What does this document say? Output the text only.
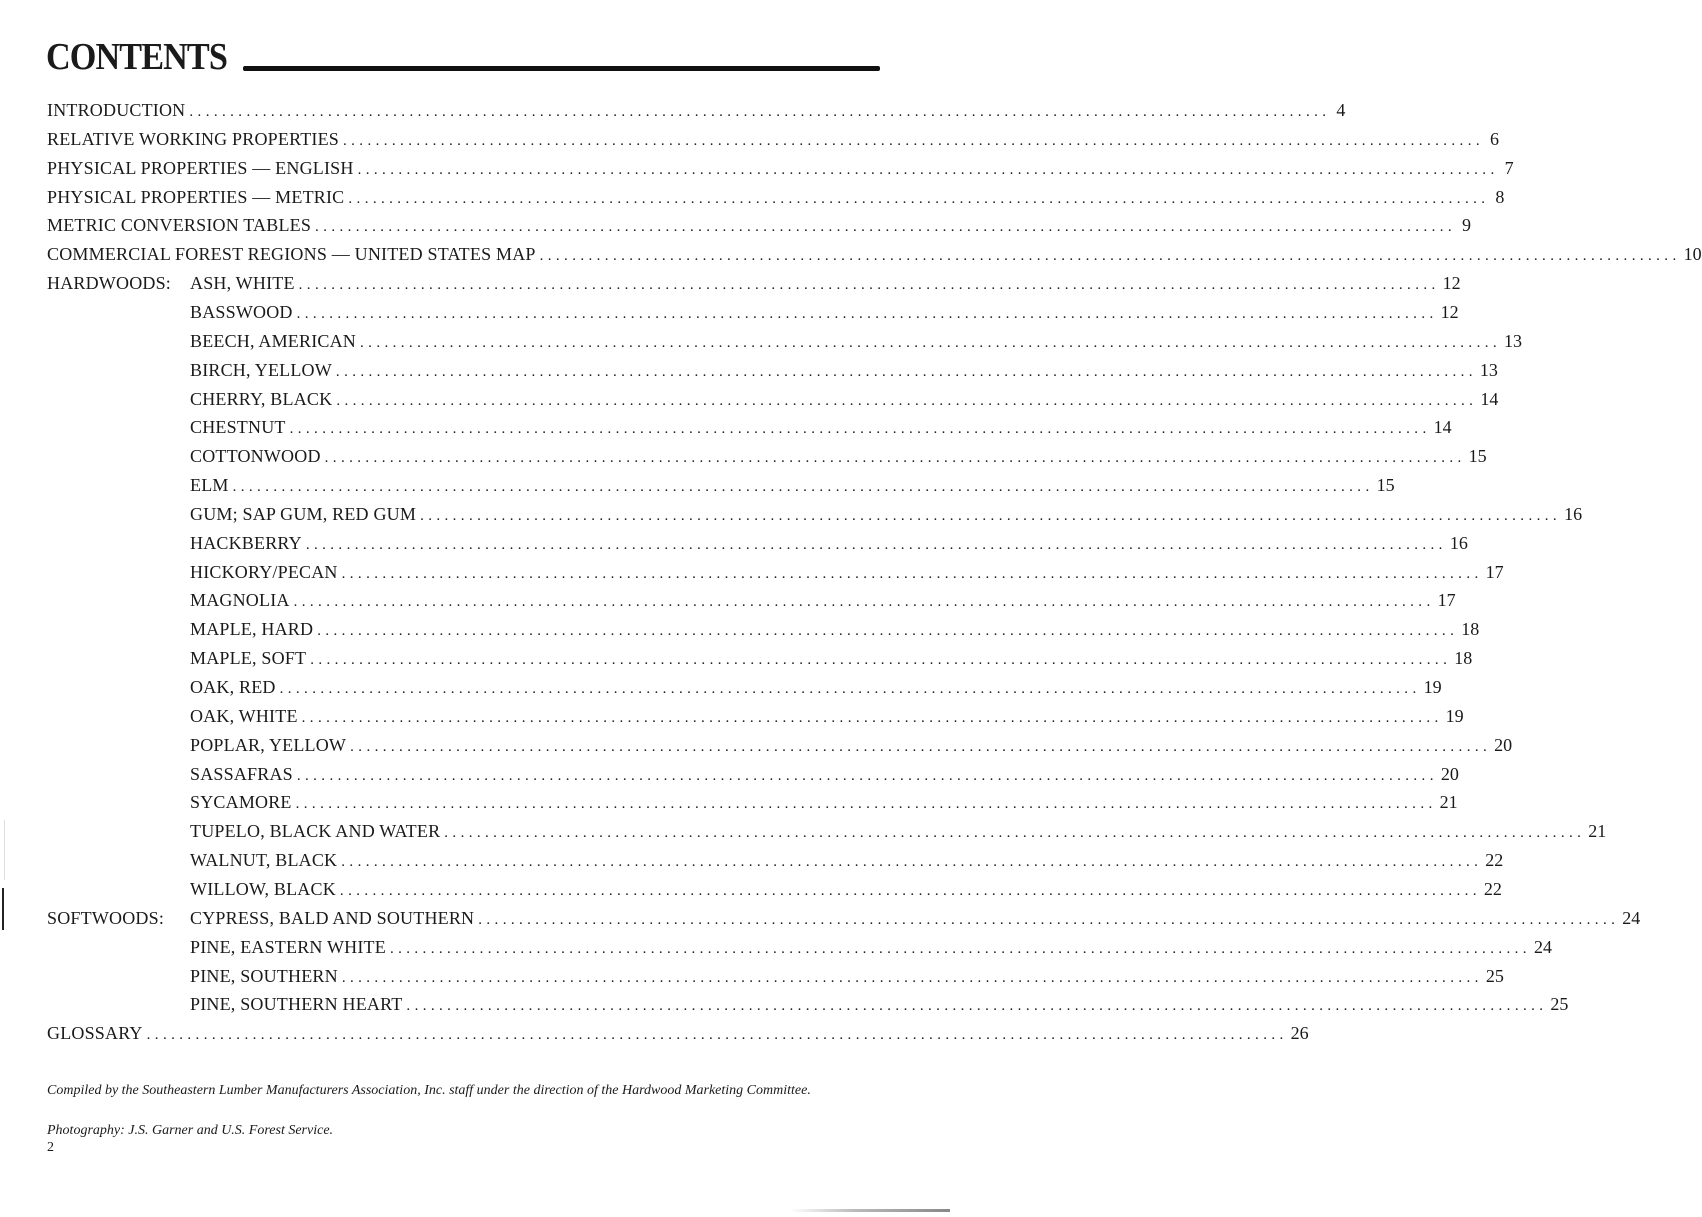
CONTENTS
INTRODUCTION ............................................................................................................................................ 4
RELATIVE WORKING PROPERTIES ............................................................................................................................................ 6
PHYSICAL PROPERTIES — ENGLISH ............................................................................................................................................ 7
PHYSICAL PROPERTIES — METRIC ............................................................................................................................................ 8
METRIC CONVERSION TABLES ............................................................................................................................................ 9
COMMERCIAL FOREST REGIONS — UNITED STATES MAP ............................................................................................................................................ 10
HARDWOODS:	ASH, WHITE ............................................................................................................................................ 12
BASSWOOD ............................................................................................................................................ 12
BEECH, AMERICAN ............................................................................................................................................ 13
BIRCH, YELLOW ............................................................................................................................................ 13
CHERRY, BLACK ............................................................................................................................................ 14
CHESTNUT ............................................................................................................................................ 14
COTTONWOOD ............................................................................................................................................ 15
ELM ............................................................................................................................................ 15
GUM; SAP GUM, RED GUM ............................................................................................................................................ 16
HACKBERRY ............................................................................................................................................ 16
HICKORY/PECAN ............................................................................................................................................ 17
MAGNOLIA ............................................................................................................................................ 17
MAPLE, HARD ............................................................................................................................................ 18
MAPLE, SOFT ............................................................................................................................................ 18
OAK, RED ............................................................................................................................................ 19
OAK, WHITE ............................................................................................................................................ 19
POPLAR, YELLOW ............................................................................................................................................ 20
SASSAFRAS ............................................................................................................................................ 20
SYCAMORE ............................................................................................................................................ 21
TUPELO, BLACK AND WATER ............................................................................................................................................ 21
WALNUT, BLACK ............................................................................................................................................ 22
WILLOW, BLACK ............................................................................................................................................ 22
SOFTWOODS:	CYPRESS, BALD AND SOUTHERN ............................................................................................................................................ 24
PINE, EASTERN WHITE ............................................................................................................................................ 24
PINE, SOUTHERN ............................................................................................................................................ 25
PINE, SOUTHERN HEART ............................................................................................................................................ 25
GLOSSARY ............................................................................................................................................ 26
Compiled by the Southeastern Lumber Manufacturers Association, Inc. staff under the direction of the Hardwood Marketing Committee.
Photography: J.S. Garner and U.S. Forest Service.
2
